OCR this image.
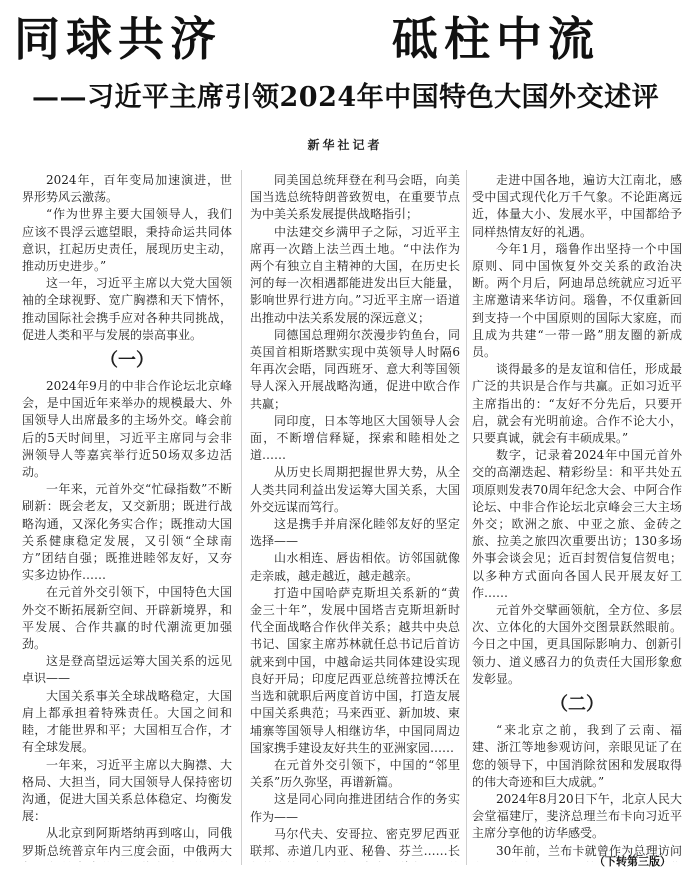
同球共济	砥柱中流
——习近平主席引领2024年中国特色大国外交述评
新华社记者

2024年，百年变局加速演进，世界形势风云激荡。

“作为世界主要大国领导人，我们应该不畏浮云遮望眼，秉持命运共同体意识，扛起历史责任，展现历史主动，推动历史进步。”

这一年，习近平主席以大党大国领袖的全球视野、宽广胸襟和天下情怀，推动国际社会携手应对各种共同挑战，促进人类和平与发展的崇高事业。

（一）

2024年9月的中非合作论坛北京峰会，是中国近年来举办的规模最大、外国领导人出席最多的主场外交。峰会前后的5天时间里，习近平主席同与会非洲领导人等嘉宾举行近50场双多边活动。

一年来，元首外交“忙碌指数”不断刷新：既会老友，又交新朋；既进行战略沟通，又深化务实合作；既推动大国关系健康稳定发展，又引领“全球南方”团结自强；既推进睦邻友好，又夯实多边协作……

在元首外交引领下，中国特色大国外交不断拓展新空间、开辟新境界，和平发展、合作共赢的时代潮流更加强劲。

这是登高望远运筹大国关系的远见卓识——

大国关系事关全球战略稳定，大国肩上都承担着特殊责任。大国之间和睦，才能世界和平；大国相互合作，才有全球发展。

一年来，习近平主席以大胸襟、大格局、大担当，同大国领导人保持密切沟通，促进大国关系总体稳定、均衡发展：

从北京到阿斯塔纳再到喀山，同俄罗斯总统普京年内三度会面，中俄两大

同美国总统拜登在利马会晤，向美国当选总统特朗普致贺电，在重要节点为中美关系发展提供战略指引；

中法建交乡满甲子之际，习近平主席再一次踏上法兰西土地。“中法作为两个有独立自主精神的大国，在历史长河的每一次相遇都能进发出巨大能量，影响世界行进方向。”习近平主席一语道出推动中法关系发展的深远意义；

同德国总理朔尔茨漫步钓鱼台，同英国首相斯塔默实现中英领导人时隔6年再次会晤，同西班牙、意大利等国领导人深入开展战略沟通，促进中欧合作共赢；

同印度，日本等地区大国领导人会面，不断增信释疑，探索和睦相处之道……

从历史长周期把握世界大势，从全人类共同利益出发运筹大国关系，大国外交远谋而笃行。

这是携手并肩深化睦邻友好的坚定选择——

山水相连、唇齿相依。访邻国就像走亲戚，越走越近，越走越亲。

打造中国哈萨克斯坦关系新的“黄金三十年”，发展中国塔吉克斯坦新时代全面战略合作伙伴关系；越共中央总书记、国家主席苏林就任总书记后首访就来到中国，中越命运共同体建设实现良好开局；印度尼西亚总统普拉博沃在当选和就职后两度首访中国，打造友展中国关系典范；马来西亚、新加坡、柬埔寨等国领导人相继访华，中国同周边国家携手建设友好共生的亚洲家园……

在元首外交引领下，中国的“邻里关系”历久弥坚，再谱新篇。

这是同心同向推进团结合作的务实作为——

马尔代夫、安哥拉、密克罗尼西亚联邦、赤道几内亚、秘鲁、芬兰……长

走进中国各地，遍访大江南北，感受中国式现代化万千气象。不论距离远近，体量大小、发展水平，中国都给予同样热情友好的礼遇。

今年1月，瑙鲁作出坚持一个中国原则、同中国恢复外交关系的政治决断。两个月后，阿迪昂总统就应习近平主席邀请来华访问。瑙鲁，不仅重新回到支持一个中国原则的国际大家庭，而且成为共建“一带一路”朋友圈的新成员。

谈得最多的是友谊和信任，形成最广泛的共识是合作与共赢。正如习近平主席指出的：“友好不分先后，只要开启，就会有光明前途。合作不论大小，只要真诚，就会有丰硕成果。”

数字，记录着2024年中国元首外交的高潮迭起、精彩纷呈：和平共处五项原则发表70周年纪念大会、中阿合作论坛、中非合作论坛北京峰会三大主场外交；欧洲之旅、中亚之旅、金砖之旅、拉美之旅四次重要出访；130多场外事会谈会见；近百封贺信复信贺电；以多种方式面向各国人民开展友好工作……

元首外交擘画领航，全方位、多层次、立体化的大国外交图景跃然眼前。今日之中国，更具国际影响力、创新引领力、道义感召力的负责任大国形象愈发彰显。

（二）

“来北京之前，我到了云南、福建、浙江等地参观访问，亲眼见证了在您的领导下，中国消除贫困和发展取得的伟大奇迹和巨大成就。”

2024年8月20日下午，北京人民大会堂福建厅，斐济总理兰布卡向习近平主席分享他的访华感受。

30年前，兰布卡就曾作为总理访问

（下转第三版）
